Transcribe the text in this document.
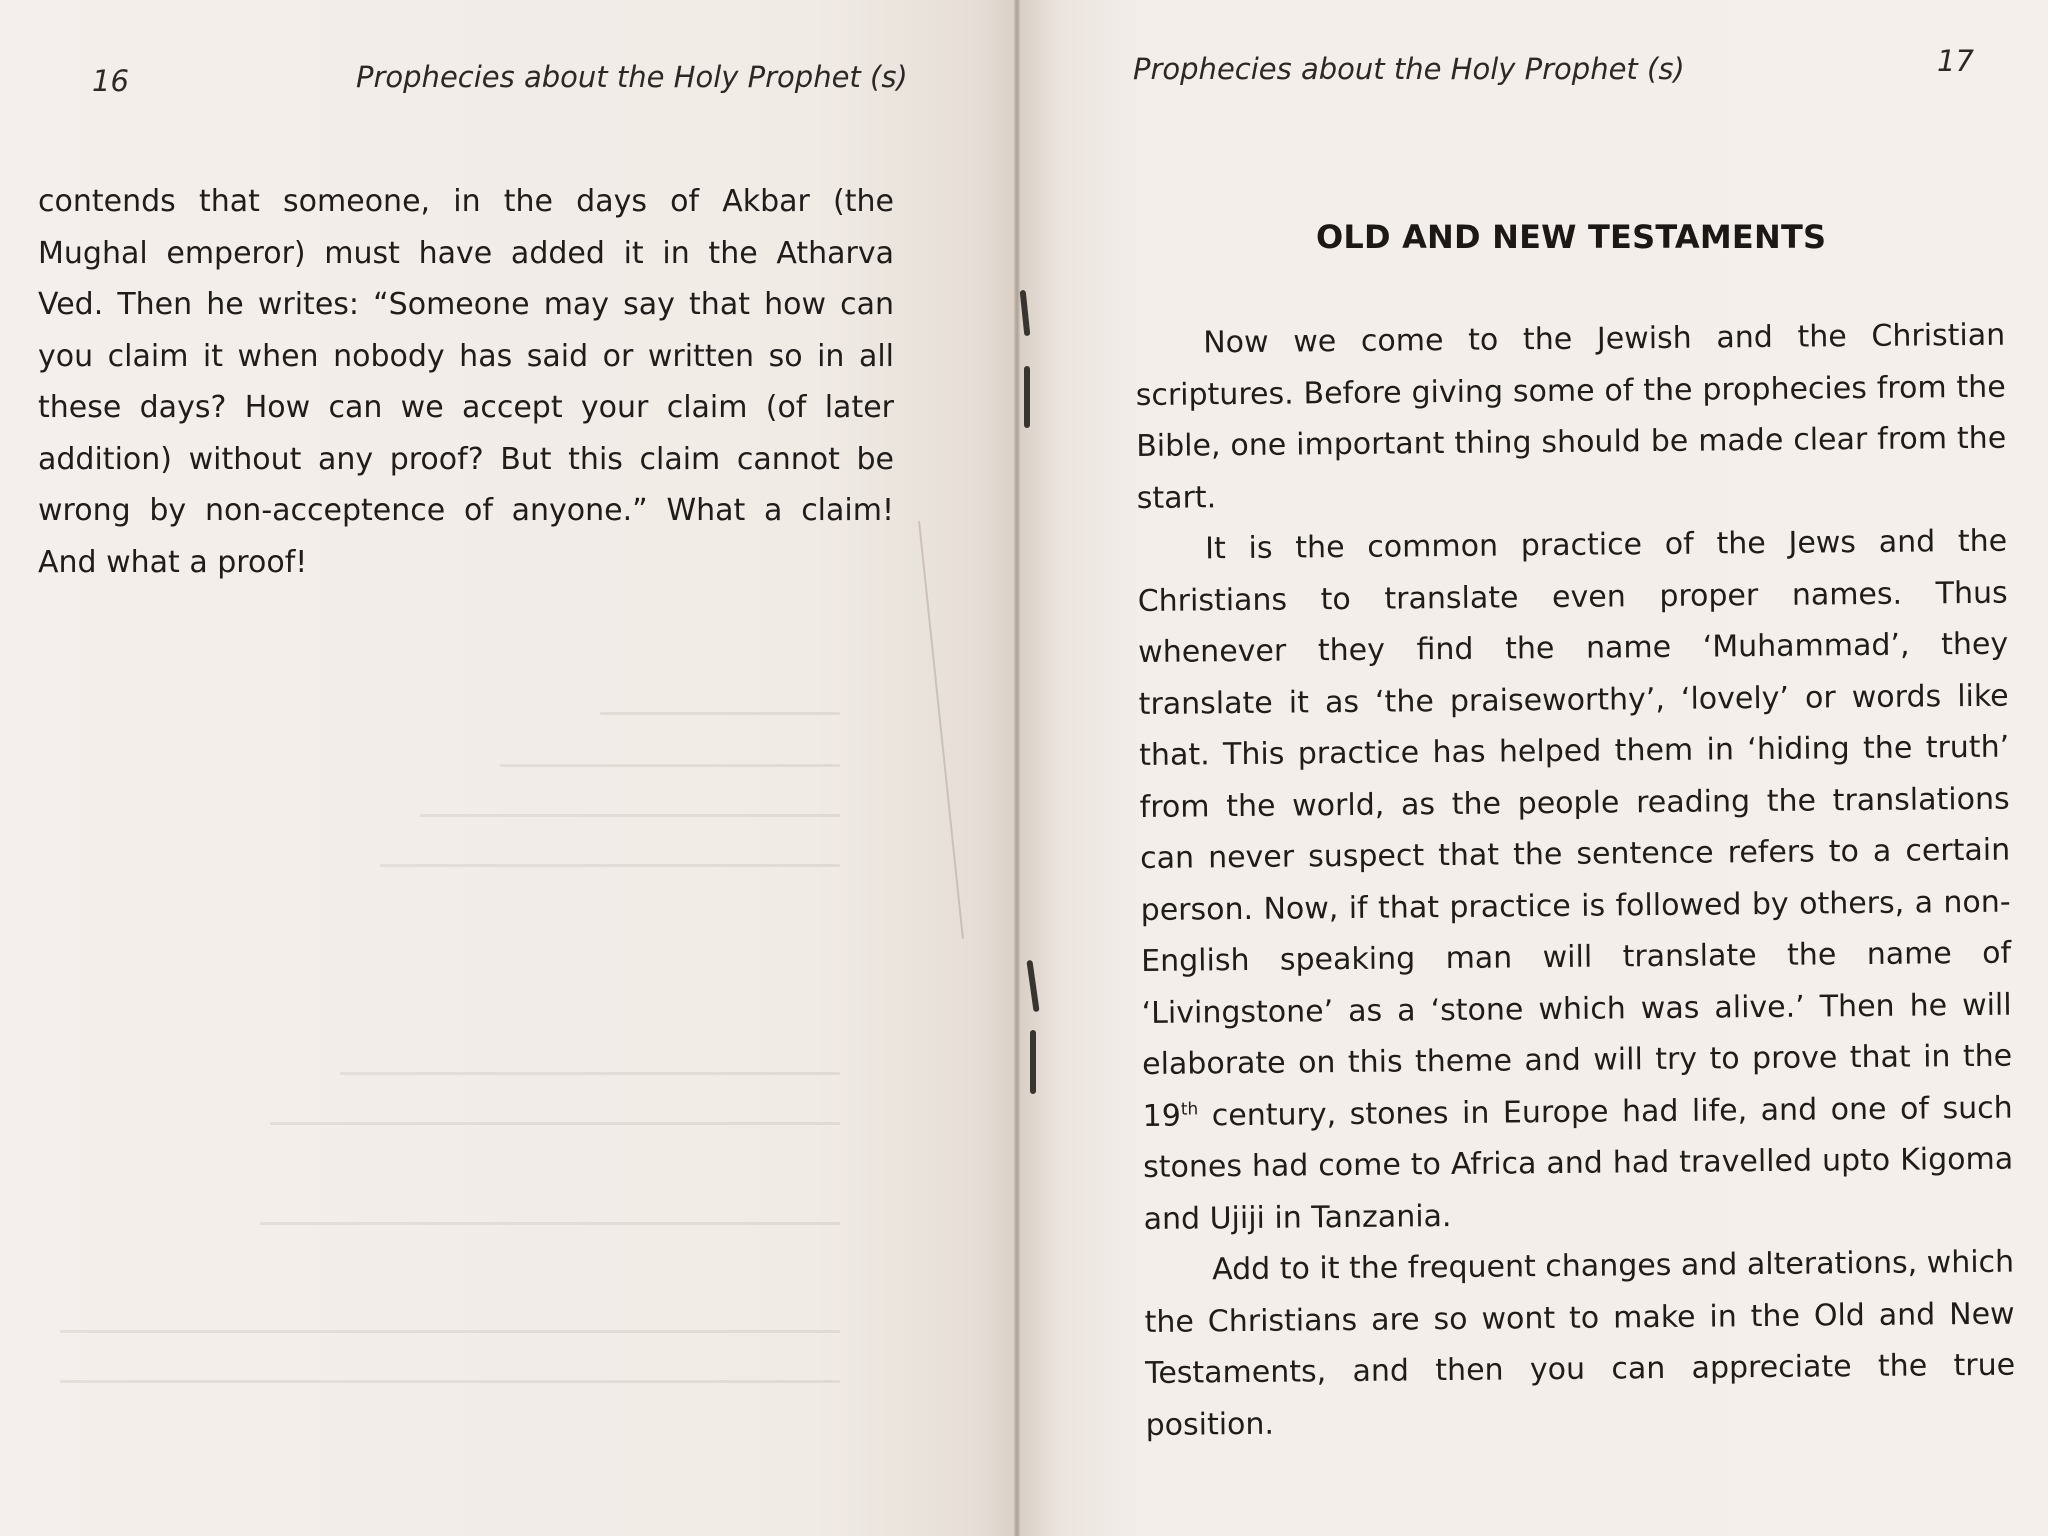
16	Prophecies about the Holy Prophet (s)

contends that someone, in the days of Akbar (the Mughal emperor) must have added it in the Atharva Ved. Then he writes: “Someone may say that how can you claim it when nobody has said or written so in all these days? How can we accept your claim (of later addition) without any proof? But this claim cannot be wrong by non-acceptence of anyone.” What a claim! And what a proof!

Prophecies about the Holy Prophet (s)	17
OLD AND NEW TESTAMENTS

Now we come to the Jewish and the Christian scriptures. Before giving some of the prophecies from the Bible, one important thing should be made clear from the start.

It is the common practice of the Jews and the Christians to translate even proper names. Thus whenever they find the name ‘Muhammad’, they translate it as ‘the praiseworthy’, ‘lovely’ or words like that. This practice has helped them in ‘hiding the truth’ from the world, as the people reading the translations can never suspect that the sentence refers to a certain person. Now, if that practice is followed by others, a non-English speaking man will translate the name of ‘Livingstone’ as a ‘stone which was alive.’ Then he will elaborate on this theme and will try to prove that in the 19th century, stones in Europe had life, and one of such stones had come to Africa and had travelled upto Kigoma and Ujiji in Tanzania.

Add to it the frequent changes and alterations, which the Christians are so wont to make in the Old and New Testaments, and then you can appreciate the true position.
